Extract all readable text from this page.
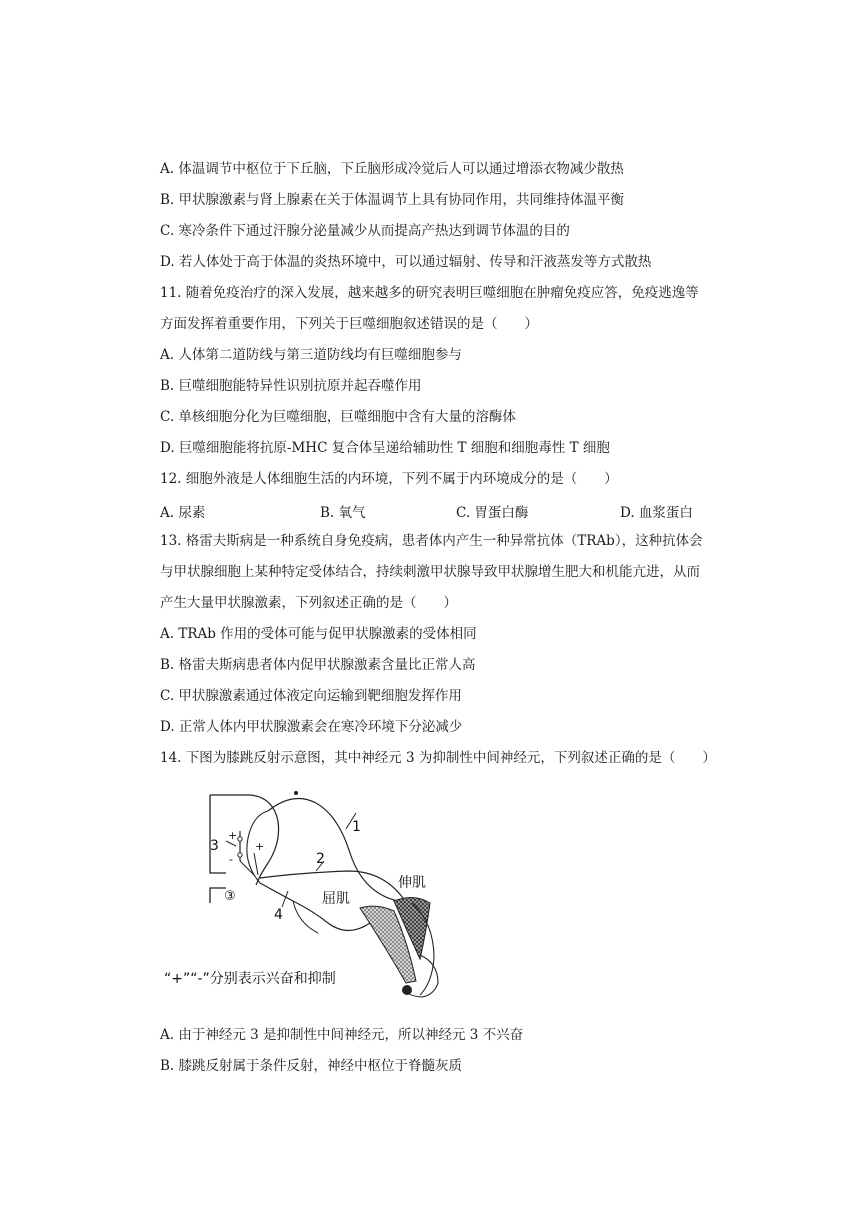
A. 体温调节中枢位于下丘脑，下丘脑形成冷觉后人可以通过增添衣物减少散热
B. 甲状腺激素与肾上腺素在关于体温调节上具有协同作用，共同维持体温平衡
C. 寒冷条件下通过汗腺分泌量减少从而提高产热达到调节体温的目的
D. 若人体处于高于体温的炎热环境中，可以通过辐射、传导和汗液蒸发等方式散热
11. 随着免疫治疗的深入发展，越来越多的研究表明巨噬细胞在肿瘤免疫应答，免疫逃逸等
方面发挥着重要作用，下列关于巨噬细胞叙述错误的是（　　）
A. 人体第二道防线与第三道防线均有巨噬细胞参与
B. 巨噬细胞能特异性识别抗原并起吞噬作用
C. 单核细胞分化为巨噬细胞，巨噬细胞中含有大量的溶酶体
D. 巨噬细胞能将抗原-MHC 复合体呈递给辅助性 T 细胞和细胞毒性 T 细胞
12. 细胞外液是人体细胞生活的内环境，下列不属于内环境成分的是（　　）
A. 尿素	B. 氧气	C. 胃蛋白酶	D. 血浆蛋白
13. 格雷夫斯病是一种系统自身免疫病，患者体内产生一种异常抗体（TRAb），这种抗体会
与甲状腺细胞上某种特定受体结合，持续刺激甲状腺导致甲状腺增生肥大和机能亢进，从而
产生大量甲状腺激素，下列叙述正确的是（　　）
A. TRAb 作用的受体可能与促甲状腺激素的受体相同
B. 格雷夫斯病患者体内促甲状腺激素含量比正常人高
C. 甲状腺激素通过体液定向运输到靶细胞发挥作用
D. 正常人体内甲状腺激素会在寒冷环境下分泌减少
14. 下图为膝跳反射示意图，其中神经元 3 为抑制性中间神经元，下列叙述正确的是（　　）
3
+
+
-
③
1
2
4
屈肌
伸肌
“+”“-”分别表示兴奋和抑制
A. 由于神经元 3 是抑制性中间神经元，所以神经元 3 不兴奋
B. 膝跳反射属于条件反射，神经中枢位于脊髓灰质
